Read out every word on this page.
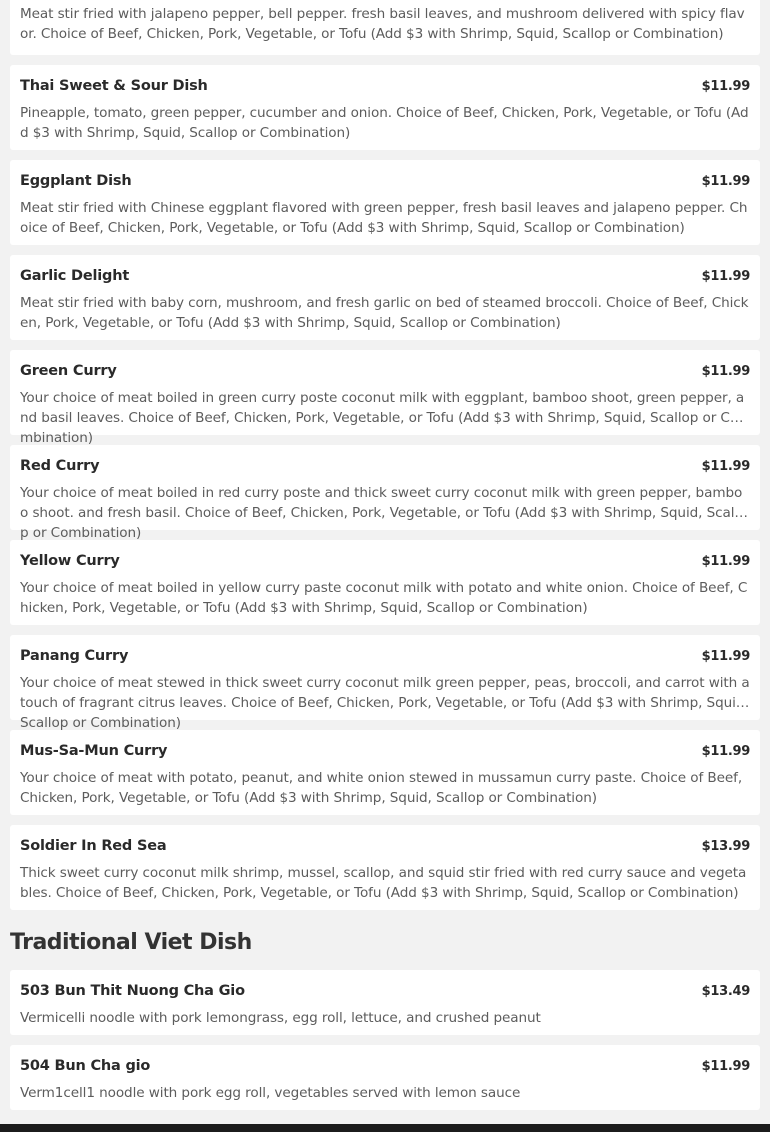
Meat stir fried with jalapeno pepper, bell pepper. fresh basil leaves, and mushroom delivered with spicy flavor. Choice of Beef, Chicken, Pork, Vegetable, or Tofu (Add $3 with Shrimp, Squid, Scallop or Combination)
Thai Sweet & Sour Dish	$11.99
Pineapple, tomato, green pepper, cucumber and onion. Choice of Beef, Chicken, Pork, Vegetable, or Tofu (Add $3 with Shrimp, Squid, Scallop or Combination)
Eggplant Dish	$11.99
Meat stir fried with Chinese eggplant flavored with green pepper, fresh basil leaves and jalapeno pepper. Choice of Beef, Chicken, Pork, Vegetable, or Tofu (Add $3 with Shrimp, Squid, Scallop or Combination)
Garlic Delight	$11.99
Meat stir fried with baby corn, mushroom, and fresh garlic on bed of steamed broccoli. Choice of Beef, Chicken, Pork, Vegetable, or Tofu (Add $3 with Shrimp, Squid, Scallop or Combination)
Green Curry	$11.99
Your choice of meat boiled in green curry poste coconut milk with eggplant, bamboo shoot, green pepper, and basil leaves. Choice of Beef, Chicken, Pork, Vegetable, or Tofu (Add $3 with Shrimp, Squid, Scallop or Combination)
Red Curry	$11.99
Your choice of meat boiled in red curry poste and thick sweet curry coconut milk with green pepper, bamboo shoot. and fresh basil. Choice of Beef, Chicken, Pork, Vegetable, or Tofu (Add $3 with Shrimp, Squid, Scallop or Combination)
Yellow Curry	$11.99
Your choice of meat boiled in yellow curry paste coconut milk with potato and white onion. Choice of Beef, Chicken, Pork, Vegetable, or Tofu (Add $3 with Shrimp, Squid, Scallop or Combination)
Panang Curry	$11.99
Your choice of meat stewed in thick sweet curry coconut milk green pepper, peas, broccoli, and carrot with a touch of fragrant citrus leaves. Choice of Beef, Chicken, Pork, Vegetable, or Tofu (Add $3 with Shrimp, Squid, Scallop or Combination)
Mus-Sa-Mun Curry	$11.99
Your choice of meat with potato, peanut, and white onion stewed in mussamun curry paste. Choice of Beef, Chicken, Pork, Vegetable, or Tofu (Add $3 with Shrimp, Squid, Scallop or Combination)
Soldier In Red Sea	$13.99
Thick sweet curry coconut milk shrimp, mussel, scallop, and squid stir fried with red curry sauce and vegetables. Choice of Beef, Chicken, Pork, Vegetable, or Tofu (Add $3 with Shrimp, Squid, Scallop or Combination)
Traditional Viet Dish
503 Bun Thit Nuong Cha Gio	$13.49
Vermicelli noodle with pork lemongrass, egg roll, lettuce, and crushed peanut
504 Bun Cha gio	$11.99
Verm1cell1 noodle with pork egg roll, vegetables served with lemon sauce
